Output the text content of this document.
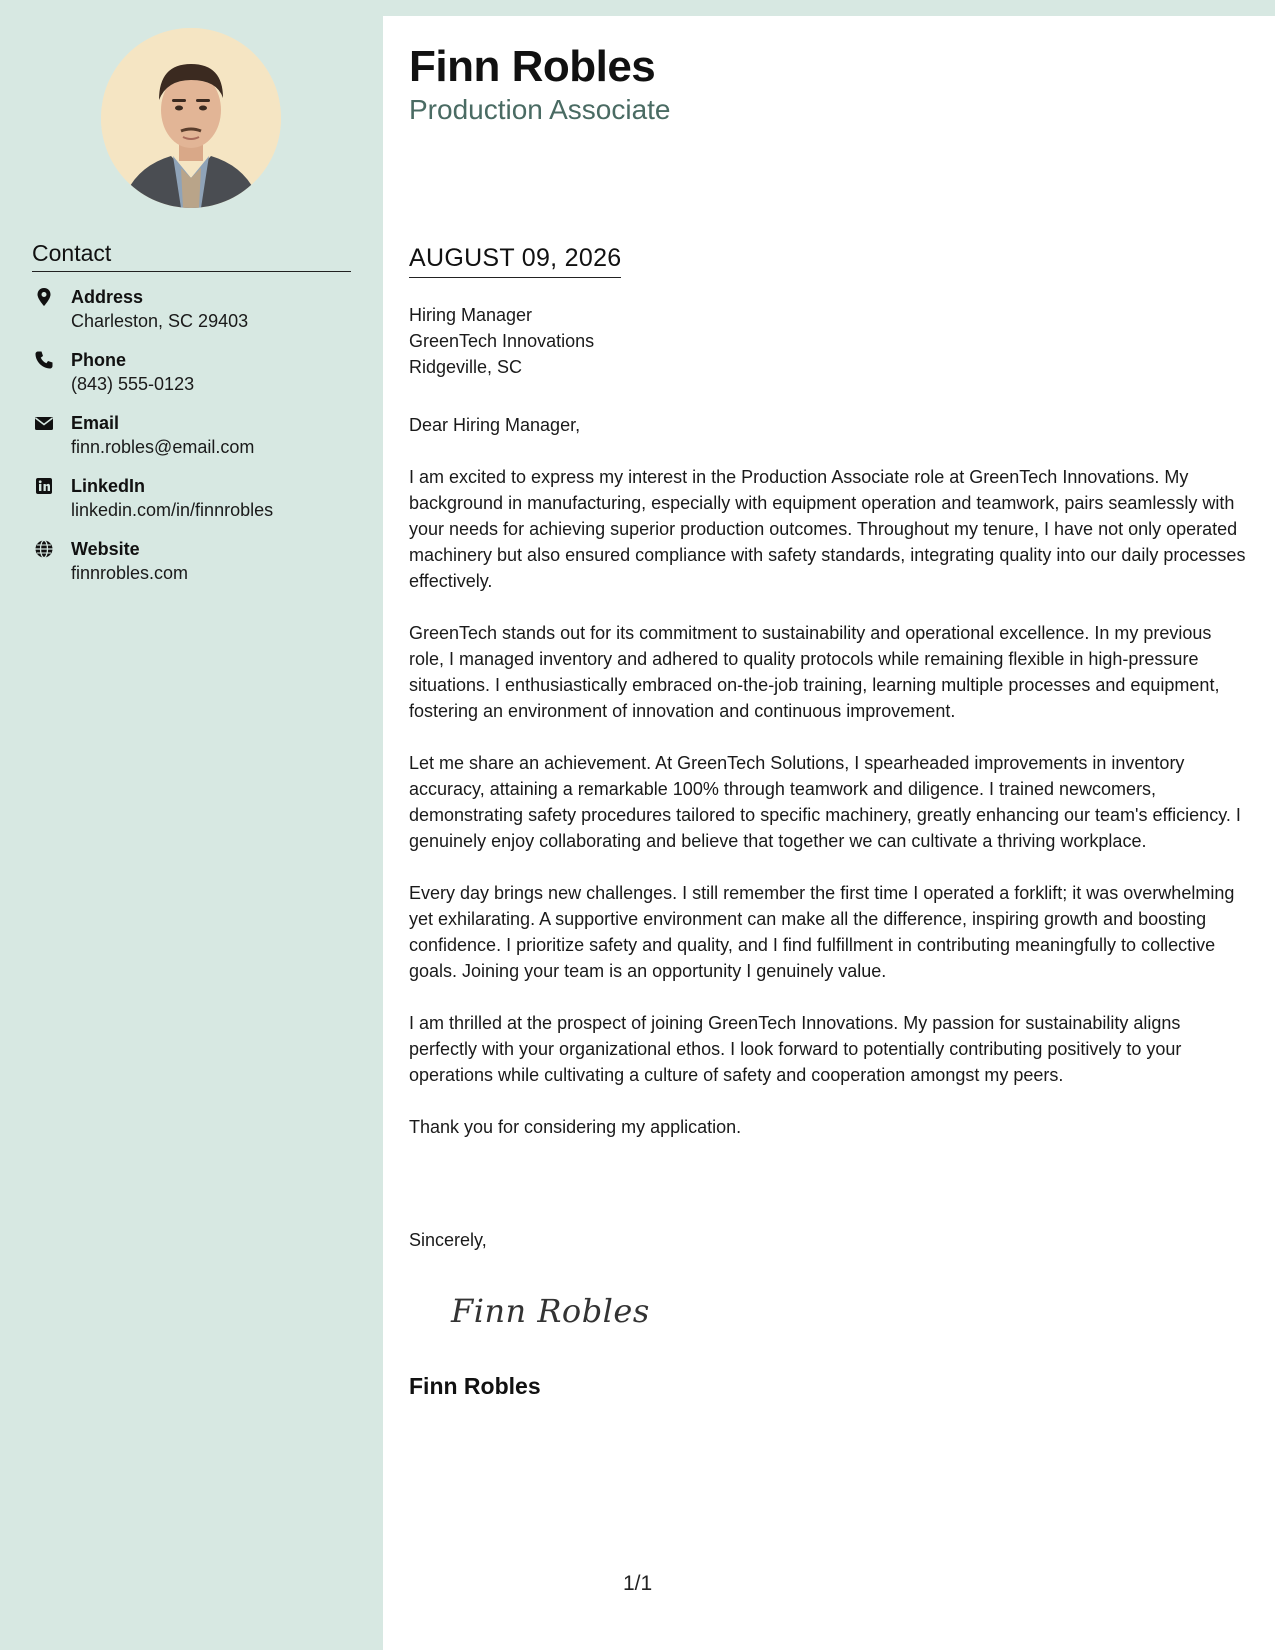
Contact
Address
Charleston, SC 29403
Phone
(843) 555-0123
Email
finn.robles@email.com
LinkedIn
linkedin.com/in/finnrobles
Website
finnrobles.com
Finn Robles
Production Associate
AUGUST 09, 2026
Hiring Manager
GreenTech Innovations
Ridgeville, SC

Dear Hiring Manager,

I am excited to express my interest in the Production Associate role at GreenTech Innovations. My background in manufacturing, especially with equipment operation and teamwork, pairs seamlessly with your needs for achieving superior production outcomes. Throughout my tenure, I have not only operated machinery but also ensured compliance with safety standards, integrating quality into our daily processes effectively.

GreenTech stands out for its commitment to sustainability and operational excellence. In my previous role, I managed inventory and adhered to quality protocols while remaining flexible in high-pressure situations. I enthusiastically embraced on-the-job training, learning multiple processes and equipment, fostering an environment of innovation and continuous improvement.

Let me share an achievement. At GreenTech Solutions, I spearheaded improvements in inventory accuracy, attaining a remarkable 100% through teamwork and diligence. I trained newcomers, demonstrating safety procedures tailored to specific machinery, greatly enhancing our team's efficiency. I genuinely enjoy collaborating and believe that together we can cultivate a thriving workplace.

Every day brings new challenges. I still remember the first time I operated a forklift; it was overwhelming yet exhilarating. A supportive environment can make all the difference, inspiring growth and boosting confidence. I prioritize safety and quality, and I find fulfillment in contributing meaningfully to collective goals. Joining your team is an opportunity I genuinely value.

I am thrilled at the prospect of joining GreenTech Innovations. My passion for sustainability aligns perfectly with your organizational ethos. I look forward to potentially contributing positively to your operations while cultivating a culture of safety and cooperation amongst my peers.

Thank you for considering my application.

Sincerely,
Finn Robles
Finn Robles
1/1
